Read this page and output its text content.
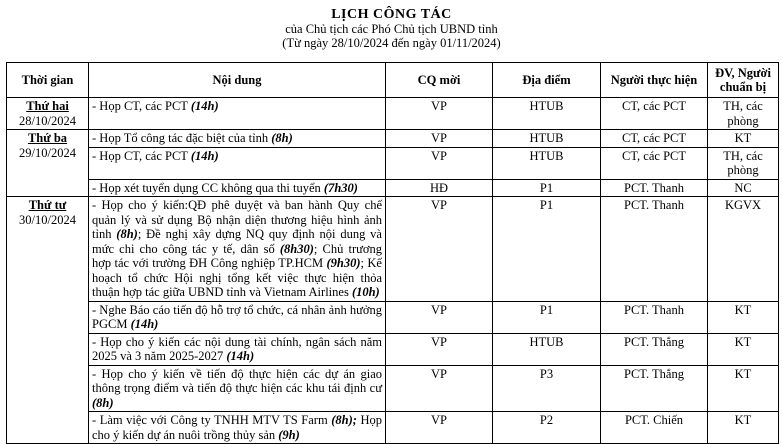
LỊCH CÔNG TÁC
của Chủ tịch các Phó Chủ tịch UBND tỉnh
(Từ ngày 28/10/2024 đến ngày 01/11/2024)
Thời gian	Nội dung	CQ mời	Địa điểm	Người thực hiện	ĐV, Người chuẩn bị

Thứ hai
28/10/2024	- Họp CT, các PCT (14h)	VP	HTUB	CT, các PCT	TH, các phòng

Thứ ba
29/10/2024	- Họp Tổ công tác đặc biệt của tỉnh (8h)	VP	HTUB	CT, các PCT	KT
	- Họp CT, các PCT (14h)	VP	HTUB	CT, các PCT	TH, các phòng
	- Họp xét tuyển dụng CC không qua thi tuyển (7h30)	HĐ	P1	PCT. Thanh	NC

Thứ tư
30/10/2024	- Họp cho ý kiến:QĐ phê duyệt và ban hành Quy chế quản lý và sử dụng Bộ nhận diện thương hiệu hình ảnh tỉnh (8h); Đề nghị xây dựng NQ quy định nội dung và mức chi cho công tác y tế, dân số (8h30); Chủ trương hợp tác với trường ĐH Công nghiệp TP.HCM (9h30); Kế hoạch tổ chức Hội nghị tổng kết việc thực hiện thỏa thuận hợp tác giữa UBND tỉnh và Vietnam Airlines (10h)	VP	P1	PCT. Thanh	KGVX
	- Nghe Báo cáo tiến độ hỗ trợ tổ chức, cá nhân ảnh hưởng PGCM (14h)	VP	P1	PCT. Thanh	KT
	- Họp cho ý kiến các nội dung tài chính, ngân sách năm 2025 và 3 năm 2025-2027 (14h)	VP	HTUB	PCT. Thắng	KT
	- Họp cho ý kiến về tiến độ thực hiện các dự án giao thông trọng điểm và tiến độ thực hiện các khu tái định cư (8h)	VP	P3	PCT. Thắng	KT
	- Làm việc với Công ty TNHH MTV TS Farm (8h); Họp cho ý kiến dự án nuôi trồng thủy sản (9h)	VP	P2	PCT. Chiến	KT
